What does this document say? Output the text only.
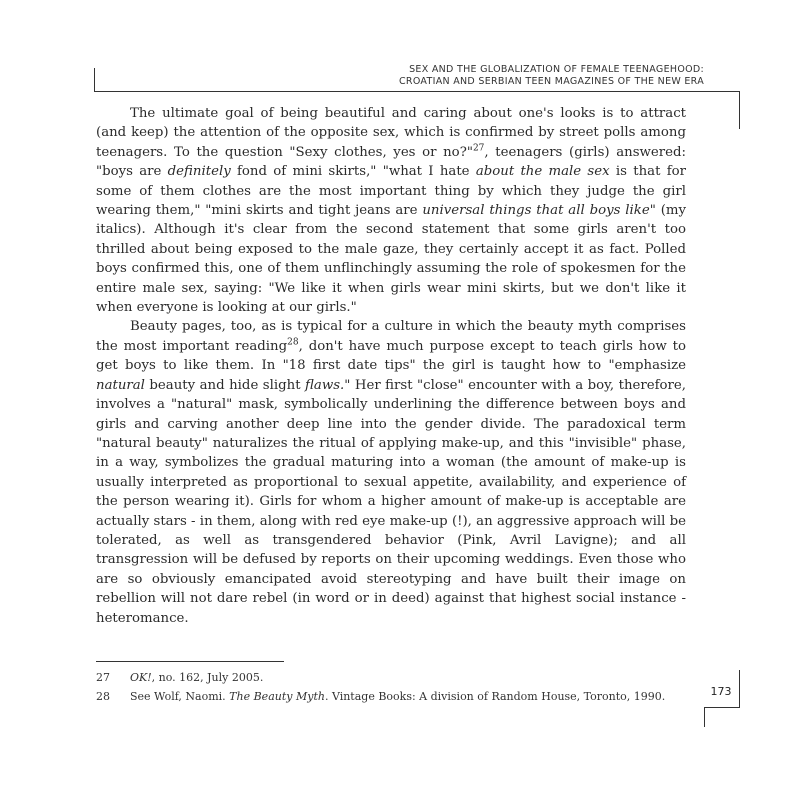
SEX AND THE GLOBALIZATION OF FEMALE TEENAGEHOOD:
CROATIAN AND SERBIAN TEEN MAGAZINES OF THE NEW ERA

The ultimate goal of being beautiful and caring about one's looks is to attract (and keep) the attention of the opposite sex, which is confirmed by street polls among teenagers. To the question "Sexy clothes, yes or no?"$^{27}$, teenagers (girls) answered: "boys are definitely fond of mini skirts," "what I hate about the male sex is that for some of them clothes are the most important thing by which they judge the girl wearing them," "mini skirts and tight jeans are universal things that all boys like" (my italics). Although it's clear from the second statement that some girls aren't too thrilled about being exposed to the male gaze, they certainly accept it as fact. Polled boys confirmed this, one of them unflinchingly assuming the role of spokesmen for the entire male sex, saying: "We like it when girls wear mini skirts, but we don't like it when everyone is looking at our girls."

Beauty pages, too, as is typical for a culture in which the beauty myth comprises the most important reading$^{28}$, don't have much purpose except to teach girls how to get boys to like them. In "18 first date tips" the girl is taught how to "emphasize natural beauty and hide slight flaws." Her first "close" encounter with a boy, therefore, involves a "natural" mask, symbolically underlining the difference between boys and girls and carving another deep line into the gender divide. The paradoxical term "natural beauty" naturalizes the ritual of applying make-up, and this "invisible" phase, in a way, symbolizes the gradual maturing into a woman (the amount of make-up is usually interpreted as proportional to sexual appetite, availability, and experience of the person wearing it). Girls for whom a higher amount of make-up is acceptable are actually stars - in them, along with red eye make-up (!), an aggressive approach will be tolerated, as well as transgendered behavior (Pink, Avril Lavigne); and all transgression will be defused by reports on their upcoming weddings. Even those who are so obviously emancipated avoid stereotyping and have built their image on rebellion will not dare rebel (in word or in deed) against that highest social instance - heteromance.

27	OK!, no. 162, July 2005.
28	See Wolf, Naomi. The Beauty Myth. Vintage Books: A division of Random House, Toronto, 1990.	173
